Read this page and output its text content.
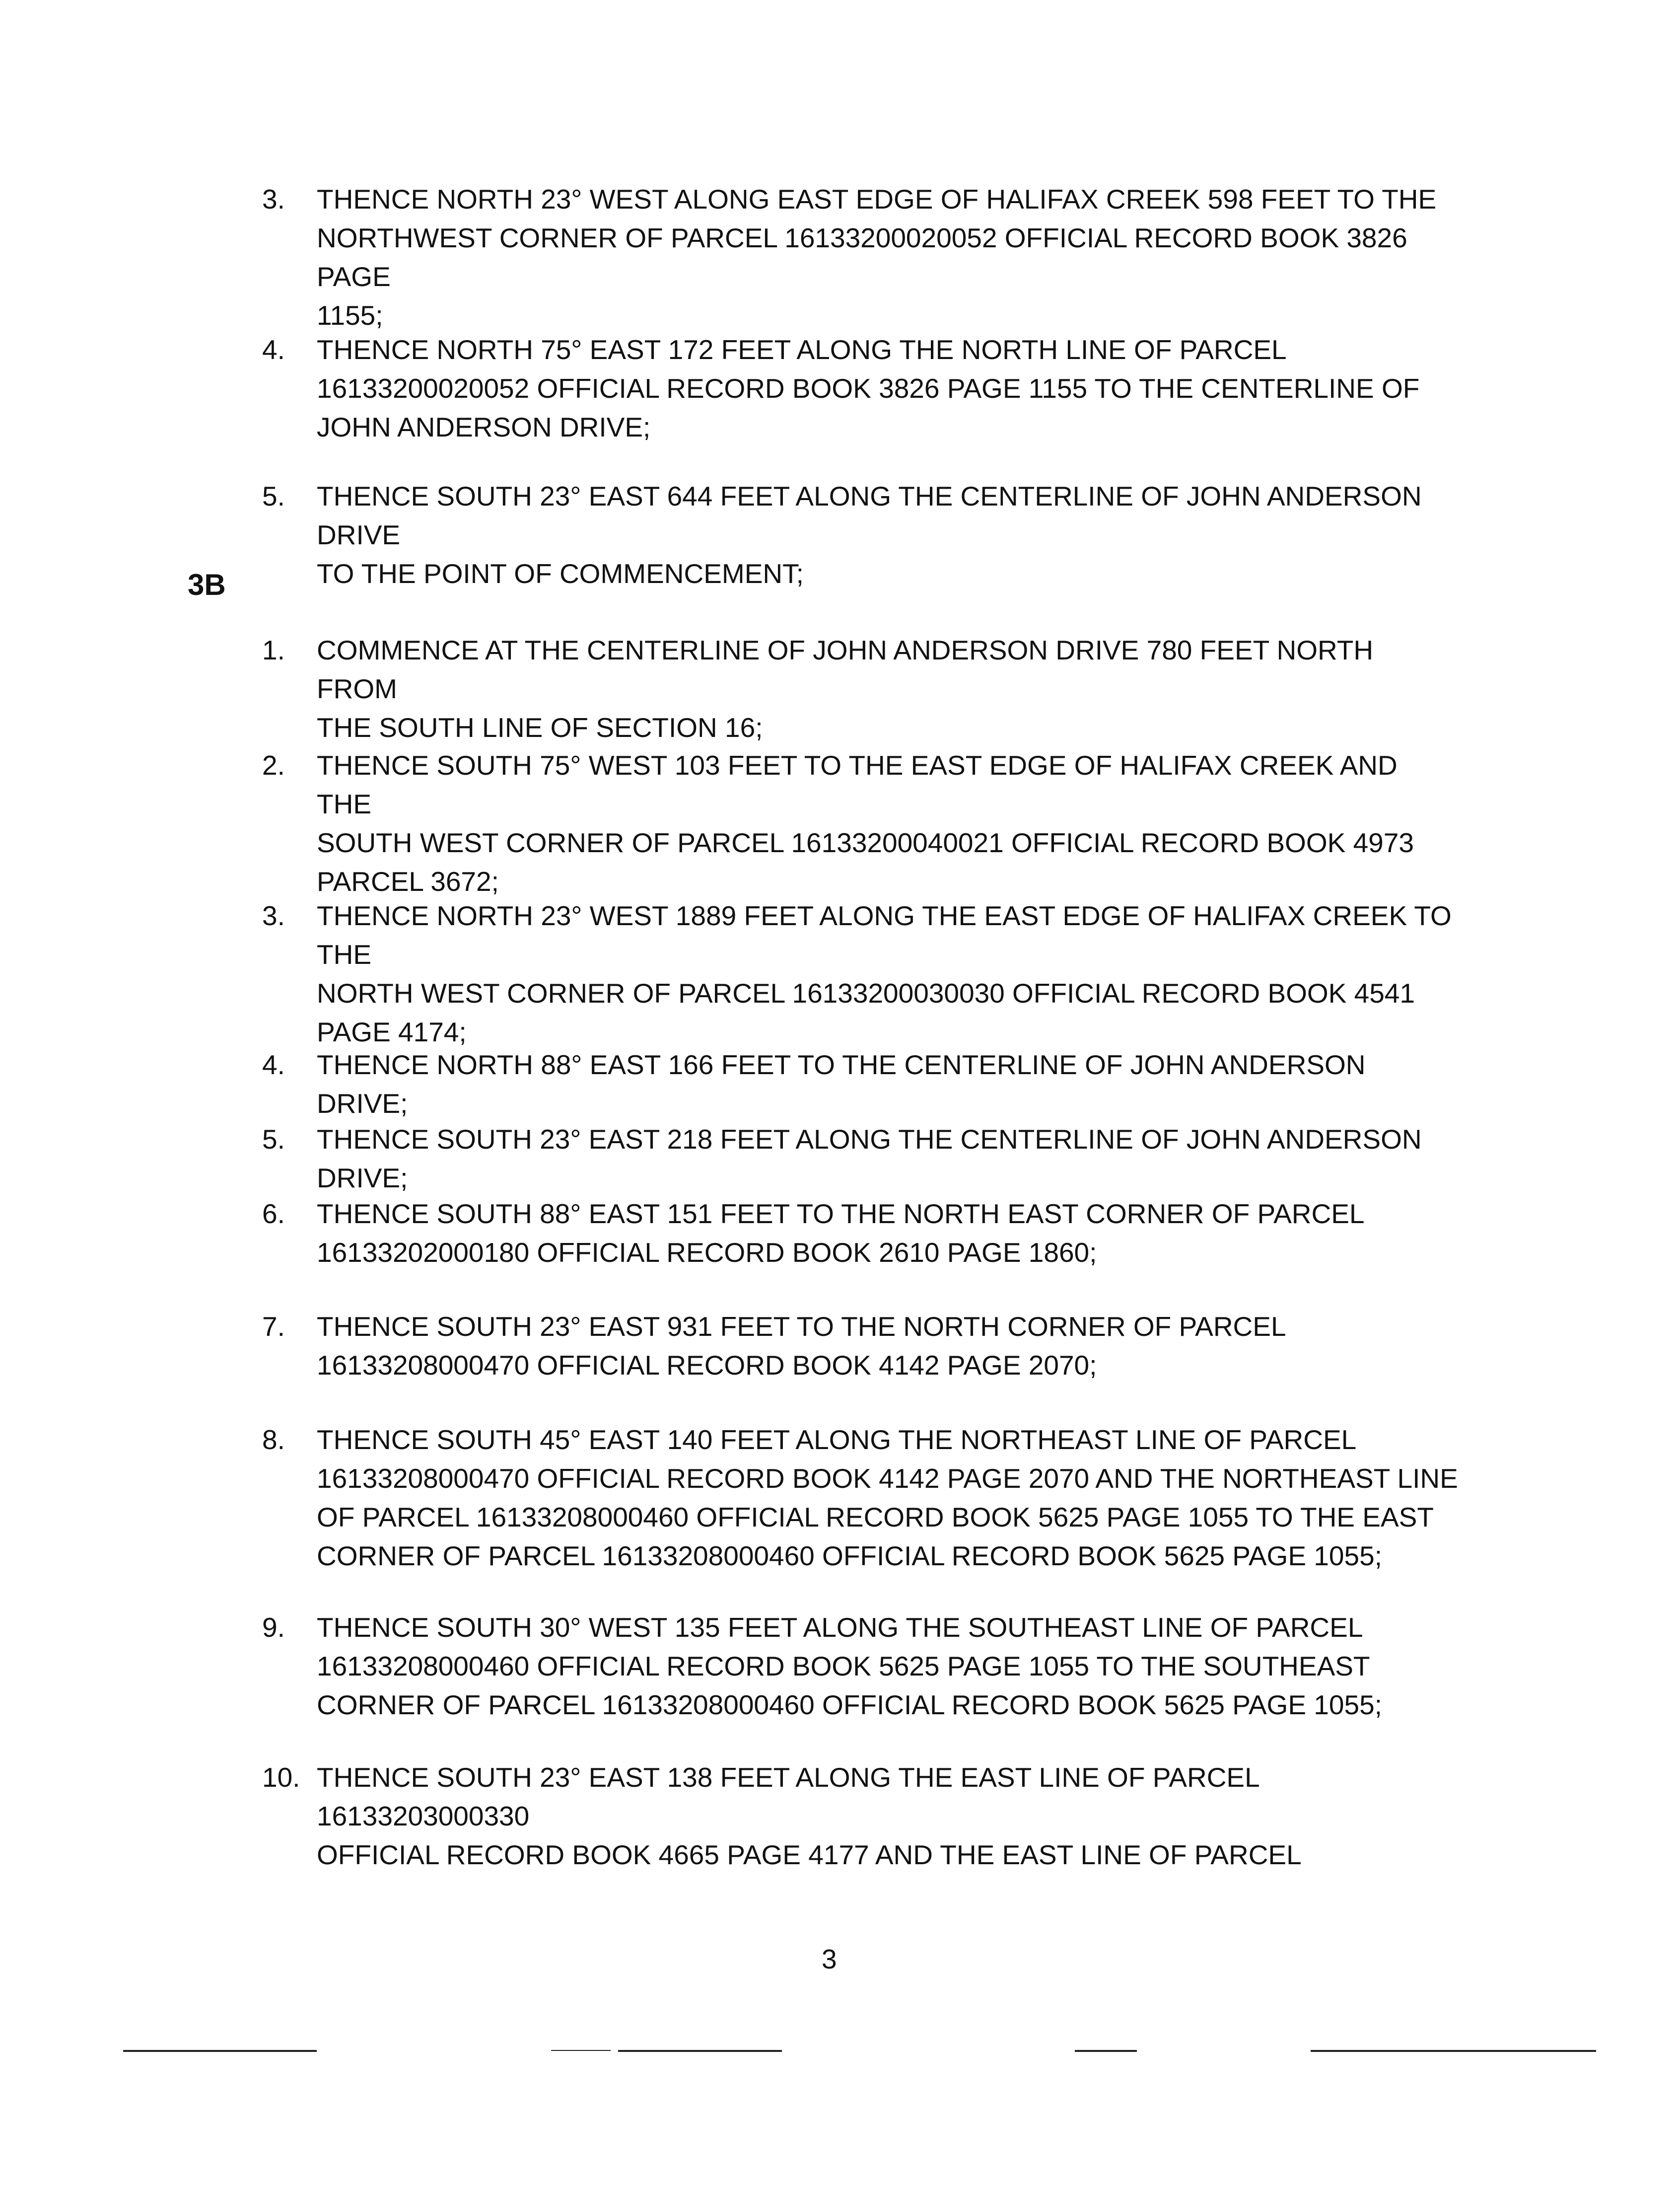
3.	THENCE NORTH 23° WEST ALONG EAST EDGE OF HALIFAX CREEK 598 FEET TO THE
NORTHWEST CORNER OF PARCEL 16133200020052 OFFICIAL RECORD BOOK 3826 PAGE
1155;
4.	THENCE NORTH 75° EAST 172 FEET ALONG THE NORTH LINE OF PARCEL
16133200020052 OFFICIAL RECORD BOOK 3826 PAGE 1155 TO THE CENTERLINE OF
JOHN ANDERSON DRIVE;
5.	THENCE SOUTH 23° EAST 644 FEET ALONG THE CENTERLINE OF JOHN ANDERSON DRIVE
TO THE POINT OF COMMENCEMENT;
3B
1.	COMMENCE AT THE CENTERLINE OF JOHN ANDERSON DRIVE 780 FEET NORTH FROM
THE SOUTH LINE OF SECTION 16;
2.	THENCE SOUTH 75° WEST 103 FEET TO THE EAST EDGE OF HALIFAX CREEK AND THE
SOUTH WEST CORNER OF PARCEL 16133200040021 OFFICIAL RECORD BOOK 4973
PARCEL 3672;
3.	THENCE NORTH 23° WEST 1889 FEET ALONG THE EAST EDGE OF HALIFAX CREEK TO THE
NORTH WEST CORNER OF PARCEL 16133200030030 OFFICIAL RECORD BOOK 4541
PAGE 4174;
4.	THENCE NORTH 88° EAST 166 FEET TO THE CENTERLINE OF JOHN ANDERSON DRIVE;
5.	THENCE SOUTH 23° EAST 218 FEET ALONG THE CENTERLINE OF JOHN ANDERSON DRIVE;
6.	THENCE SOUTH 88° EAST 151 FEET TO THE NORTH EAST CORNER OF PARCEL
16133202000180 OFFICIAL RECORD BOOK 2610 PAGE 1860;
7.	THENCE SOUTH 23° EAST 931 FEET TO THE NORTH CORNER OF PARCEL
16133208000470 OFFICIAL RECORD BOOK 4142 PAGE 2070;
8.	THENCE SOUTH 45° EAST 140 FEET ALONG THE NORTHEAST LINE OF PARCEL
16133208000470 OFFICIAL RECORD BOOK 4142 PAGE 2070 AND THE NORTHEAST LINE
OF PARCEL 16133208000460 OFFICIAL RECORD BOOK 5625 PAGE 1055 TO THE EAST
CORNER OF PARCEL 16133208000460 OFFICIAL RECORD BOOK 5625 PAGE 1055;
9.	THENCE SOUTH 30° WEST 135 FEET ALONG THE SOUTHEAST LINE OF PARCEL
16133208000460 OFFICIAL RECORD BOOK 5625 PAGE 1055 TO THE SOUTHEAST
CORNER OF PARCEL 16133208000460 OFFICIAL RECORD BOOK 5625 PAGE 1055;
10. THENCE SOUTH 23° EAST 138 FEET ALONG THE EAST LINE OF PARCEL 16133203000330
OFFICIAL RECORD BOOK 4665 PAGE 4177 AND THE EAST LINE OF PARCEL
3
